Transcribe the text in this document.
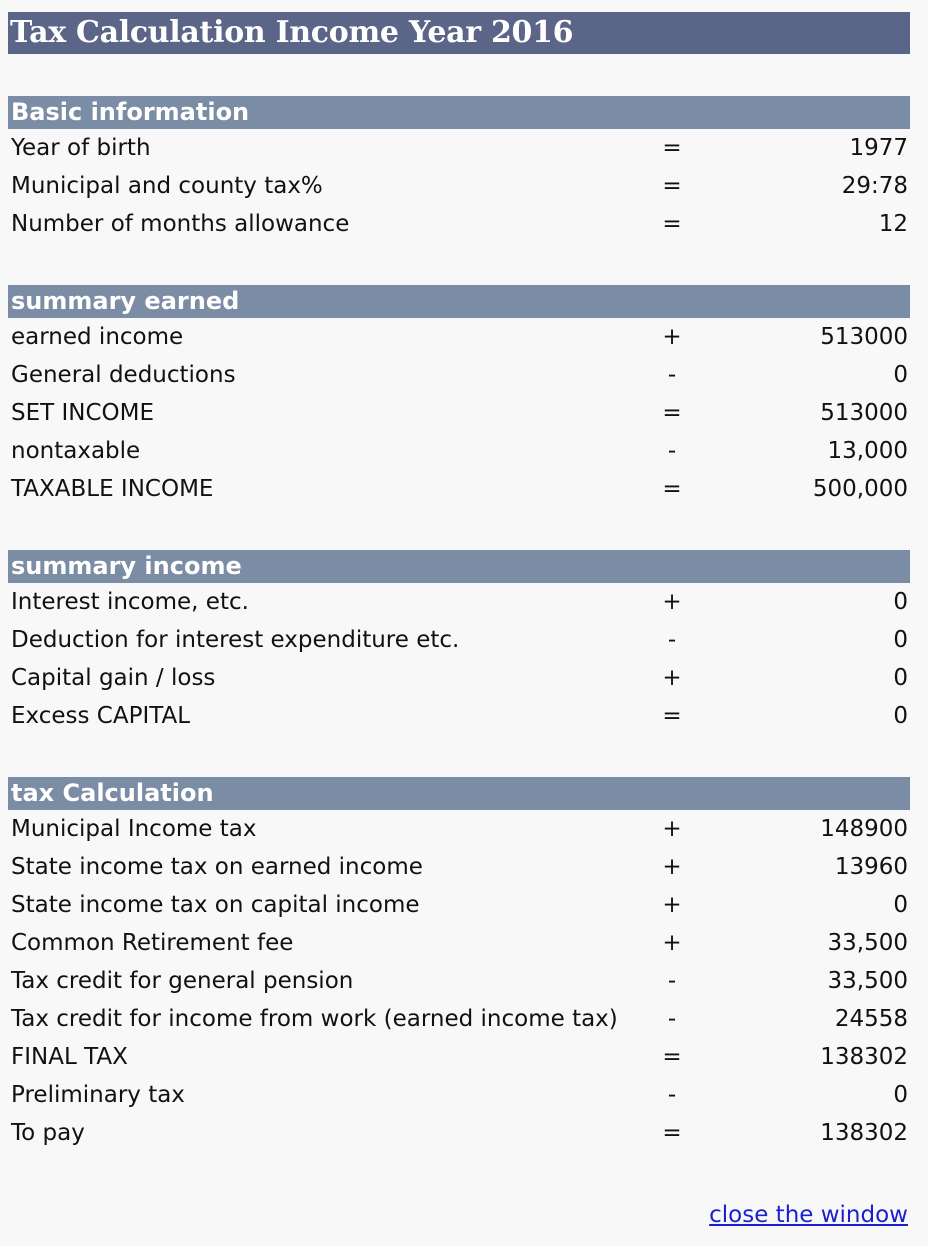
Tax Calculation Income Year 2016
Basic information
Year of birth	=	1977
Municipal and county tax%	=	29:78
Number of months allowance	=	12
summary earned
earned income	+	513000
General deductions	-	0
SET INCOME	=	513000
nontaxable	-	13,000
TAXABLE INCOME	=	500,000
summary income
Interest income, etc.	+	0
Deduction for interest expenditure etc.	-	0
Capital gain / loss	+	0
Excess CAPITAL	=	0
tax Calculation
Municipal Income tax	+	148900
State income tax on earned income	+	13960
State income tax on capital income	+	0
Common Retirement fee	+	33,500
Tax credit for general pension	-	33,500
Tax credit for income from work (earned income tax)	-	24558
FINAL TAX	=	138302
Preliminary tax	-	0
To pay	=	138302
close the window
